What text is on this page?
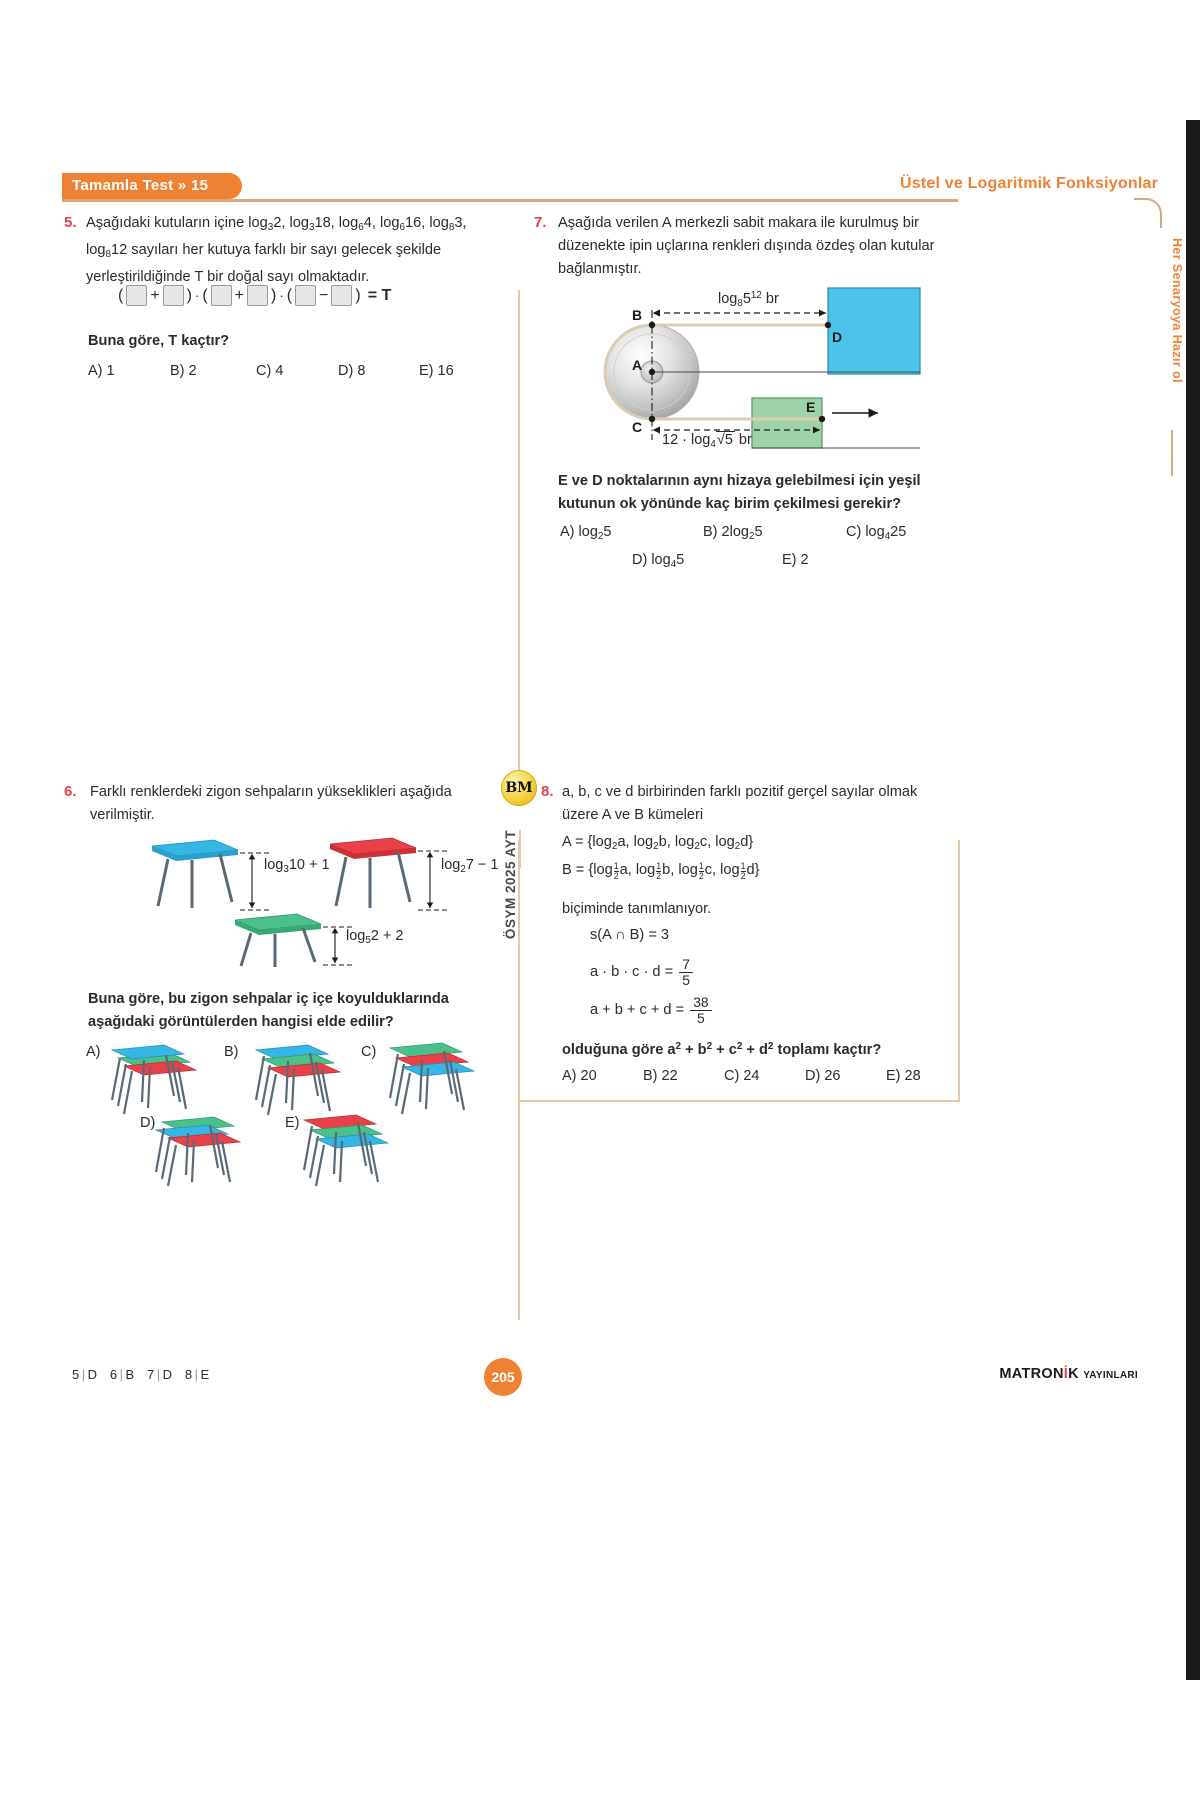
Tamamla Test » 15	Üstel ve Logaritmik Fonksiyonlar
Her Senaryoya Hazır ol
BM
ÖSYM 2025 AYT
5. Aşağıdaki kutuların içine $\log_32$, $\log_318$, $\log_64$, $\log_616$, $\log_83$,
$\log_812$ sayıları her kutuya farklı bir sayı gelecek şekilde
yerleştirildiğinde T bir doğal sayı olmaktadır.
( + ) · ( + ) · ( − ) = T
Buna göre, T kaçtır?
A) 1	B) 2	C) 4	D) 8	E) 16
7. Aşağıda verilen A merkezli sabit makara ile kurulmuş bir
düzenekte ipin uçlarına renkleri dışında özdeş olan kutular
bağlanmıştır.
B
A
C
D
E
$\log_85^{12}$ br
$12 \cdot \log_4√5$ br
E ve D noktalarının aynı hizaya gelebilmesi için yeşil
kutunun ok yönünde kaç birim çekilmesi gerekir?
A) $\log_25$	B) $2\log_25$	C) $\log_425$
D) $\log_45$	E) 2
6. Farklı renklerdeki zigon sehpaların yükseklikleri aşağıda
verilmiştir.
$\log_310 + 1$	$\log_27 - 1$
$\log_52 + 2$
Buna göre, bu zigon sehpalar iç içe koyulduklarında
aşağıdaki görüntülerden hangisi elde edilir?
A)	B)	C)
D)	E)
8. a, b, c ve d birbirinden farklı pozitif gerçel sayılar olmak
üzere A ve B kümeleri
$A = \{\log_2a$, $\log_2b$, $\log_2c$, $\log_2d$}
$B = \{\log \frac{1}{2} a$, $\log \frac{1}{2} b$, $\log \frac{1}{2} c$, $\log \frac{1}{2} d$}
biçiminde tanımlanıyor.
s(A ∩ B) = 3
$a \cdot b \cdot c \cdot d = \frac{7}{5}$
$a + b + c + d = \frac{38}{5}$
olduğuna göre $a^2 + b^2 + c^2 + d^2$ toplamı kaçtır?
A) 20	B) 22	C) 24	D) 26	E) 28
5 | D 6 | B 7 | D 8 | E	205	MATRONİK YAYINLARI
